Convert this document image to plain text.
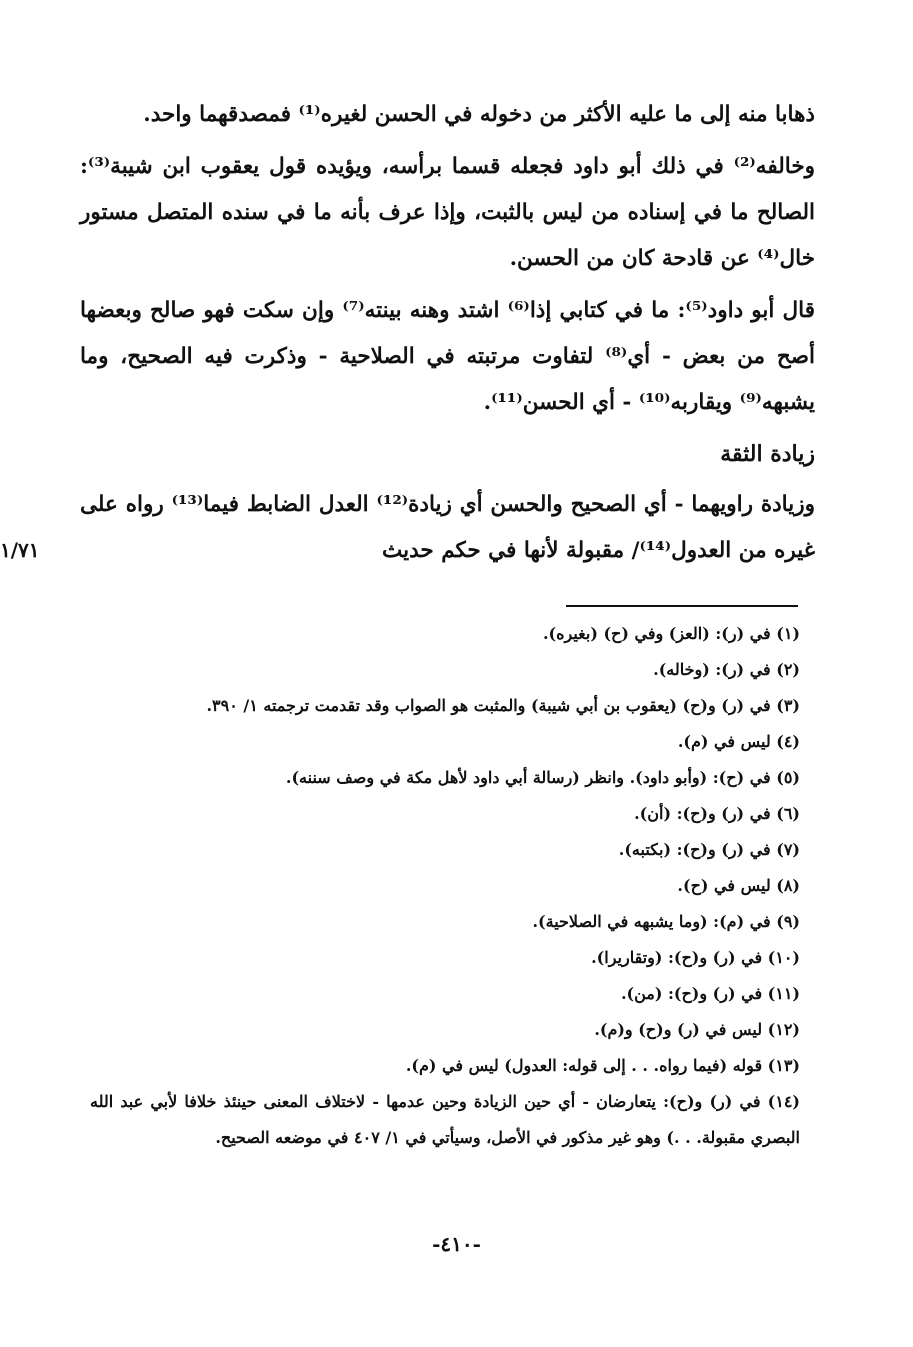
ذهابا منه إلى ما عليه الأكثر من دخوله في الحسن لغيره⁽¹⁾ فمصدقهما واحد.

وخالفه⁽²⁾ في ذلك أبو داود فجعله قسما برأسه، ويؤيده قول يعقوب ابن شيبة⁽³⁾: الصالح ما في إسناده من ليس بالثبت، وإذا عرف بأنه ما في سنده المتصل مستور خال⁽⁴⁾ عن قادحة كان من الحسن.

قال أبو داود⁽⁵⁾: ما في كتابي إذا⁽⁶⁾ اشتد وهنه بينته⁽⁷⁾ وإن سكت فهو صالح وبعضها أصح من بعض - أي⁽⁸⁾ لتفاوت مرتبته في الصلاحية - وذكرت فيه الصحيح، وما يشبهه⁽⁹⁾ ويقاربه⁽¹⁰⁾ - أي الحسن⁽¹¹⁾.

زيادة الثقة

وزيادة راويهما - أي الصحيح والحسن أي زيادة⁽¹²⁾ العدل الضابط فيما⁽¹³⁾ رواه على غيره من العدول⁽¹⁴⁾/ مقبولة لأنها في حكم حديث

١/٧١

(١) في (ر): (العز) وفي (ح) (بغيره).

(٢) في (ر): (وخاله).

(٣) في (ر) و(ح) (يعقوب بن أبي شيبة) والمثبت هو الصواب وقد تقدمت ترجمته ١/ ٣٩٠.

(٤) ليس في (م).

(٥) في (ح): (وأبو داود). وانظر (رسالة أبي داود لأهل مكة في وصف سننه).

(٦) في (ر) و(ح): (أن).

(٧) في (ر) و(ح): (بكتبه).

(٨) ليس في (ح).

(٩) في (م): (وما يشبهه في الصلاحية).

(١٠) في (ر) و(ح): (وتقاريرا).

(١١) في (ر) و(ح): (من).

(١٢) ليس في (ر) و(ح) و(م).

(١٣) قوله (فيما رواه. . . إلى قوله: العدول) ليس في (م).

(١٤) في (ر) و(ح): يتعارضان - أي حين الزيادة وحين عدمها - لاختلاف المعنى حينئذ خلافا لأبي عبد الله البصري مقبولة. . .) وهو غير مذكور في الأصل، وسيأتي في ١/ ٤٠٧ في موضعه الصحيح.

-٤١٠-
